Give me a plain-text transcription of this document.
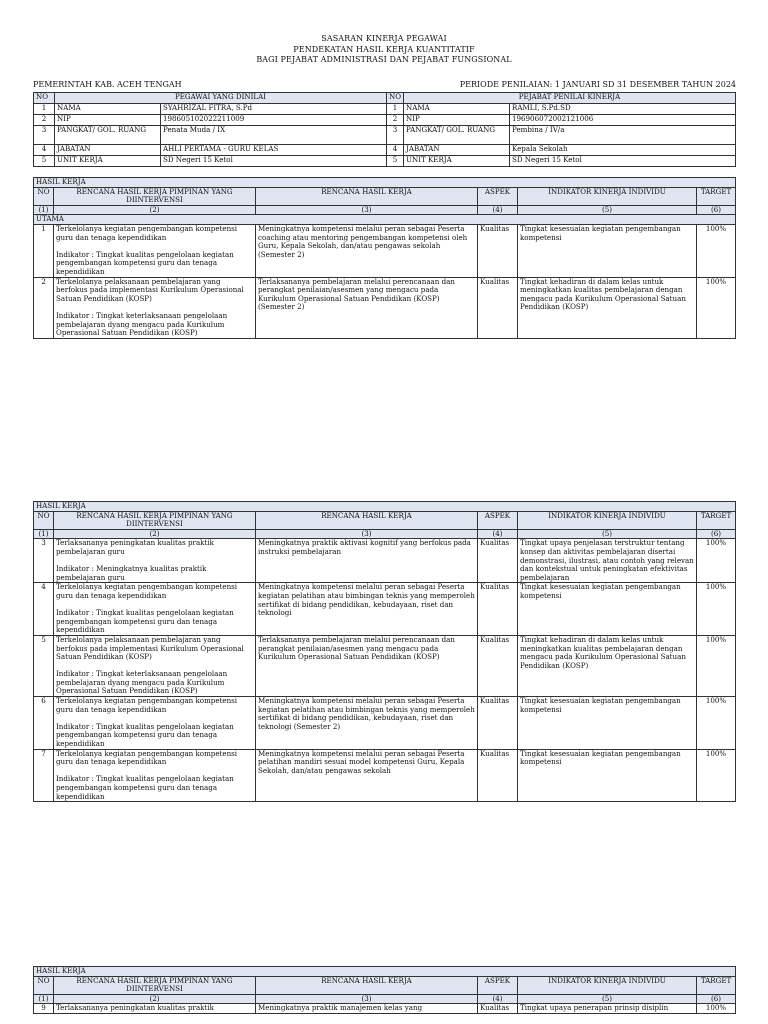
SASARAN KINERJA PEGAWAI
PENDEKATAN HASIL KERJA KUANTITATIF
BAGI PEJABAT ADMINISTRASI DAN PEJABAT FUNGSIONAL
PEMERINTAH KAB. ACEH TENGAH	PERIODE PENILAIAN: 1 JANUARI SD 31 DESEMBER TAHUN 2024
NO	PEGAWAI YANG DINILAI		NO	PEJABAT PENILAI KINERJA	
1	NAMA	SYAHRIZAL FITRA, S.Pd	1	NAMA	RAMLI, S.Pd.SD
2	NIP	198605102022211009	2	NIP	196906072002121006
3	PANGKAT/ GOL. RUANG	Penata Muda / IX	3	PANGKAT/ GOL. RUANG	Pembina / IV/a
4	JABATAN	AHLI PERTAMA - GURU KELAS	4	JABATAN	Kepala Sekolah
5	UNIT KERJA	SD Negeri 15 Ketol	5	UNIT KERJA	SD Negeri 15 Ketol
HASIL KERJA					
NO	RENCANA HASIL KERJA PIMPINAN YANG DIINTERVENSI	RENCANA HASIL KERJA	ASPEK	INDIKATOR KINERJA INDIVIDU	TARGET
(1)	(2)	(3)	(4)	(5)	(6)
UTAMA					
1	Terkelolanya kegiatan pengembangan kompetensi guru dan tenaga kependidikan

Indikator : Tingkat kualitas pengelolaan kegiatan pengembangan kompetensi guru dan tenaga kependidikan	Meningkatnya kompetensi melalui peran sebagai Peserta coaching atau mentoring pengembangan kompetensi oleh Guru, Kepala Sekolah, dan/atau pengawas sekolah (Semester 2)	Kualitas	Tingkat kesesuaian kegiatan pengembangan kompetensi	100%
2	Terkelolanya pelaksanaan pembelajaran yang berfokus pada implementasi Kurikulum Operasional Satuan Pendidikan (KOSP)

Indikator : Tingkat keterlaksanaan pengelolaan pembelajaran dyang mengacu pada Kurikulum Operasional Satuan Pendidikan (KOSP)	Terlaksananya pembelajaran melalui perencanaan dan perangkat penilaian/asesmen yang mengacu pada Kurikulum Operasional Satuan Pendidikan (KOSP) (Semester 2)	Kualitas	Tingkat kehadiran di dalam kelas untuk meningkatkan kualitas pembelajaran dengan mengacu pada Kurikulum Operasional Satuan Pendidikan (KOSP)	100%
HASIL KERJA					
NO	RENCANA HASIL KERJA PIMPINAN YANG DIINTERVENSI	RENCANA HASIL KERJA	ASPEK	INDIKATOR KINERJA INDIVIDU	TARGET
(1)	(2)	(3)	(4)	(5)	(6)
3	Terlaksananya peningkatan kualitas praktik pembelajaran guru

Indikator : Meningkatnya kualitas praktik pembelajaran guru	Meningkatnya praktik aktivasi kognitif yang berfokus pada instruksi pembelajaran	Kualitas	Tingkat upaya penjelasan terstruktur tentang konsep dan aktivitas pembelajaran disertai demonstrasi, ilustrasi, atau contoh yang relevan dan kontekstual untuk peningkatan efektivitas pembelajaran	100%
4	Terkelolanya kegiatan pengembangan kompetensi guru dan tenaga kependidikan

Indikator : Tingkat kualitas pengelolaan kegiatan pengembangan kompetensi guru dan tenaga kependidikan	Meningkatnya kompetensi melalui peran sebagai Peserta kegiatan pelatihan atau bimbingan teknis yang memperoleh sertifikat di bidang pendidikan, kebudayaan, riset dan teknologi	Kualitas	Tingkat kesesuaian kegiatan pengembangan kompetensi	100%
5	Terkelolanya pelaksanaan pembelajaran yang berfokus pada implementasi Kurikulum Operasional Satuan Pendidikan (KOSP)

Indikator : Tingkat keterlaksanaan pengelolaan pembelajaran dyang mengacu pada Kurikulum Operasional Satuan Pendidikan (KOSP)	Terlaksananya pembelajaran melalui perencanaan dan perangkat penilaian/asesmen yang mengacu pada Kurikulum Operasional Satuan Pendidikan (KOSP)	Kualitas	Tingkat kehadiran di dalam kelas untuk meningkatkan kualitas pembelajaran dengan mengacu pada Kurikulum Operasional Satuan Pendidikan (KOSP)	100%
6	Terkelolanya kegiatan pengembangan kompetensi guru dan tenaga kependidikan

Indikator : Tingkat kualitas pengelolaan kegiatan pengembangan kompetensi guru dan tenaga kependidikan	Meningkatnya kompetensi melalui peran sebagai Peserta kegiatan pelatihan atau bimbingan teknis yang memperoleh sertifikat di bidang pendidikan, kebudayaan, riset dan teknologi (Semester 2)	Kualitas	Tingkat kesesuaian kegiatan pengembangan kompetensi	100%
7	Terkelolanya kegiatan pengembangan kompetensi guru dan tenaga kependidikan

Indikator : Tingkat kualitas pengelolaan kegiatan pengembangan kompetensi guru dan tenaga kependidikan	Meningkatnya kompetensi melalui peran sebagai Peserta pelatihan mandiri sesuai model kompetensi Guru, Kepala Sekolah, dan/atau pengawas sekolah	Kualitas	Tingkat kesesuaian kegiatan pengembangan kompetensi	100%
HASIL KERJA					
NO	RENCANA HASIL KERJA PIMPINAN YANG DIINTERVENSI	RENCANA HASIL KERJA	ASPEK	INDIKATOR KINERJA INDIVIDU	TARGET
(1)	(2)	(3)	(4)	(5)	(6)
9	Terlaksananya peningkatan kualitas praktik	Meningkatnya praktik manajemen kelas yang	Kualitas	Tingkat upaya penerapan prinsip disiplin	100%
